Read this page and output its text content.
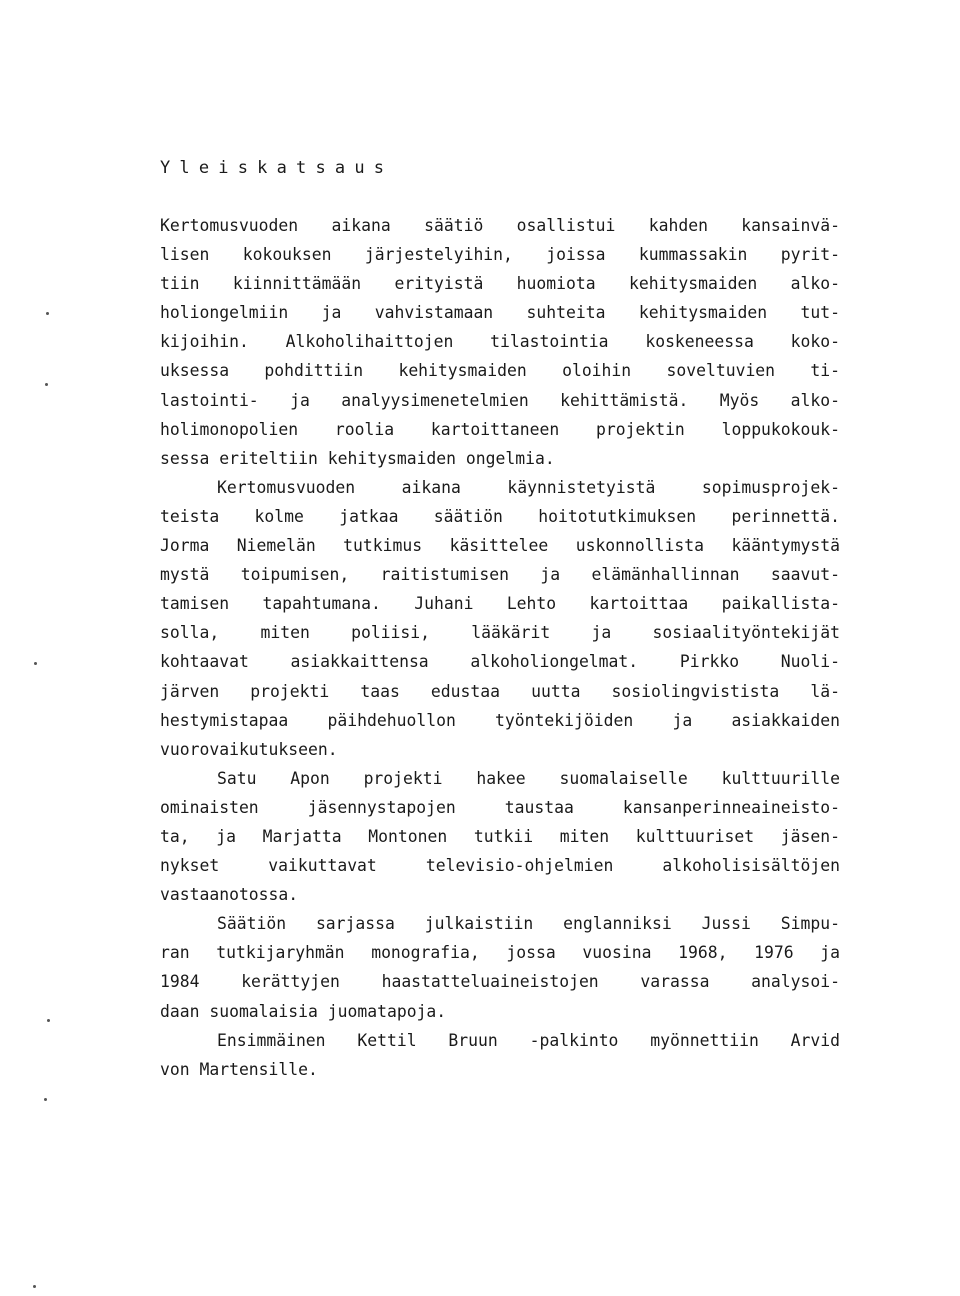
Yleiskatsaus
Kertomusvuoden aikana säätiö osallistui kahden kansainvä-
lisen kokouksen järjestelyihin, joissa kummassakin pyrit-
tiin kiinnittämään erityistä huomiota kehitysmaiden alko-
holiongelmiin ja vahvistamaan suhteita kehitysmaiden tut-
kijoihin. Alkoholihaittojen tilastointia koskeneessa koko-
uksessa pohdittiin kehitysmaiden oloihin soveltuvien ti-
lastointi- ja analyysimenetelmien kehittämistä. Myös alko-
holimonopolien roolia kartoittaneen projektin loppukokouk-
sessa eriteltiin kehitysmaiden ongelmia.
Kertomusvuoden aikana käynnistetyistä sopimusprojek-
teista kolme jatkaa säätiön hoitotutkimuksen perinnettä.
Jorma Niemelän tutkimus käsittelee uskonnollista kääntymystä
mystä toipumisen, raitistumisen ja elämänhallinnan saavut-
tamisen tapahtumana. Juhani Lehto kartoittaa paikallista-
solla, miten poliisi, lääkärit ja sosiaalityöntekijät
kohtaavat asiakkaittensa alkoholiongelmat. Pirkko Nuoli-
järven projekti taas edustaa uutta sosiolingvistista lä-
hestymistapaa päihdehuollon työntekijöiden ja asiakkaiden
vuorovaikutukseen.
Satu Apon projekti hakee suomalaiselle kulttuurille
ominaisten jäsennystapojen taustaa kansanperinneaineisto-
ta, ja Marjatta Montonen tutkii miten kulttuuriset jäsen-
nykset vaikuttavat televisio-ohjelmien alkoholisisältöjen
vastaanotossa.
Säätiön sarjassa julkaistiin englanniksi Jussi Simpu-
ran tutkijaryhmän monografia, jossa vuosina 1968, 1976 ja
1984 kerättyjen haastatteluaineistojen varassa analysoi-
daan suomalaisia juomatapoja.
Ensimmäinen Kettil Bruun -palkinto myönnettiin Arvid
von Martensille.
